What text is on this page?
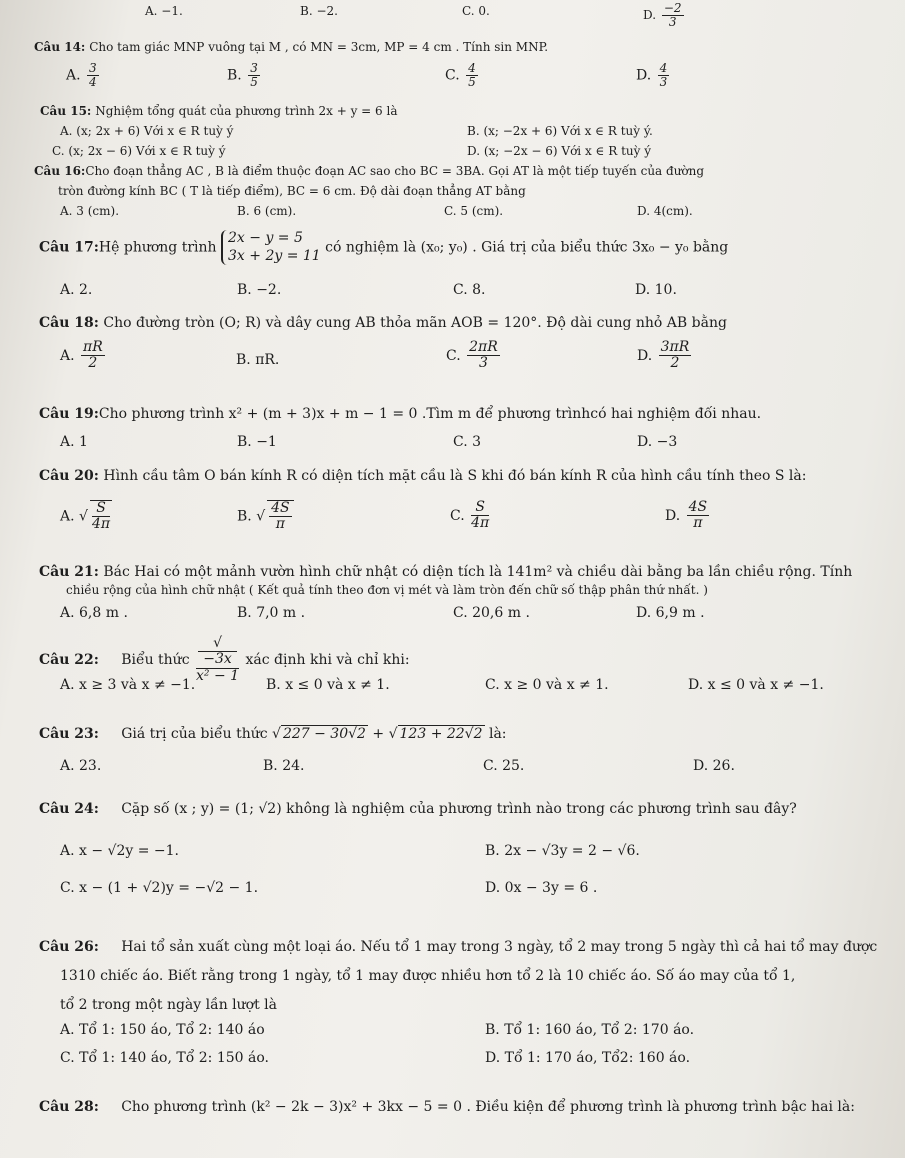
A. −1.	B. −2.	C. 0.	D. $\frac{-2}{3}$
Câu 14: Cho tam giác MNP vuông tại M , có MN = 3cm, MP = 4 cm . Tính sin MNP.
A. $\frac{3}{4}$	B. $\frac{3}{5}$	C. $\frac{4}{5}$	D. $\frac{4}{3}$
Câu 15: Nghiệm tổng quát của phương trình 2x + y = 6 là
A. (x; 2x + 6) Với x ∈ R tuỳ ý	B. (x; −2x + 6) Với x ∈ R tuỳ ý.
C. (x; 2x − 6) Với x ∈ R tuỳ ý	D. (x; −2x − 6) Với x ∈ R tuỳ ý
Câu 16:Cho đoạn thẳng AC , B là điểm thuộc đoạn AC sao cho BC = 3BA. Gọi AT là một tiếp tuyến của đường
tròn đường kính BC ( T là tiếp điểm), BC = 6 cm. Độ dài đoạn thẳng AT bằng
A. 3 (cm).	B. 6 (cm).	C. 5 (cm).	D. 4(cm).
Câu 17:Hệ phương trình
2x − y = 5
3x + 2y = 11 có nghiệm là (x₀; y₀) . Giá trị của biểu thức 3x₀ − y₀ bằng
A. 2.	B. −2.	C. 8.	D. 10.
Câu 18: Cho đường tròn (O; R) và dây cung AB thỏa mãn AOB = 120°. Độ dài cung nhỏ AB bằng
A. $\frac{\pi R}{2}$	B. πR.	C. $\frac{2\pi R}{3}$	D. $\frac{3\pi R}{2}$
Câu 19:Cho phương trình x² + (m + 3)x + m − 1 = 0 .Tìm m để phương trìnhcó hai nghiệm đối nhau.
A. 1	B. −1	C. 3	D. −3
Câu 20: Hình cầu tâm O bán kính R có diện tích mặt cầu là S khi đó bán kính R của hình cầu tính theo S là:
A. √ $\frac{S}{4\pi}$	B. √ $\frac{4S}{\pi}$	C. $\frac{S}{4\pi}$	D. $\frac{4S}{\pi}$
Câu 21: Bác Hai có một mảnh vườn hình chữ nhật có diện tích là 141m² và chiều dài bằng ba lần chiều rộng. Tính
chiều rộng của hình chữ nhật ( Kết quả tính theo đơn vị mét và làm tròn đến chữ số thập phân thứ nhất. )
A. 6,8 m .	B. 7,0 m .	C. 20,6 m .	D. 6,9 m .
Câu 22: Biểu thức √
−3x
x² − 1 xác định khi và chỉ khi:
A. x ≥ 3 và x ≠ −1.	B. x ≤ 0 và x ≠ 1.	C. x ≥ 0 và x ≠ 1.	D. x ≤ 0 và x ≠ −1.
Câu 23: Giá trị của biểu thức √ 227 − 30√2 + √ 123 + 22√2 là:
A. 23.	B. 24.	C. 25.	D. 26.
Câu 24: Cặp số (x ; y) = (1; √2) không là nghiệm của phương trình nào trong các phương trình sau đây?
A. x − √2y = −1.	B. 2x − √3y = 2 − √6.
C. x − (1 + √2)y = −√2 − 1.	D. 0x − 3y = 6 .
Câu 26: Hai tổ sản xuất cùng một loại áo. Nếu tổ 1 may trong 3 ngày, tổ 2 may trong 5 ngày thì cả hai tổ may được
1310 chiếc áo. Biết rằng trong 1 ngày, tổ 1 may được nhiều hơn tổ 2 là 10 chiếc áo. Số áo may của tổ 1,
tổ 2 trong một ngày lần lượt là
A. Tổ 1: 150 áo, Tổ 2: 140 áo	B. Tổ 1: 160 áo, Tổ 2: 170 áo.
C. Tổ 1: 140 áo, Tổ 2: 150 áo.	D. Tổ 1: 170 áo, Tổ2: 160 áo.
Câu 28: Cho phương trình (k² − 2k − 3)x² + 3kx − 5 = 0 . Điều kiện để phương trình là phương trình bậc hai là:
